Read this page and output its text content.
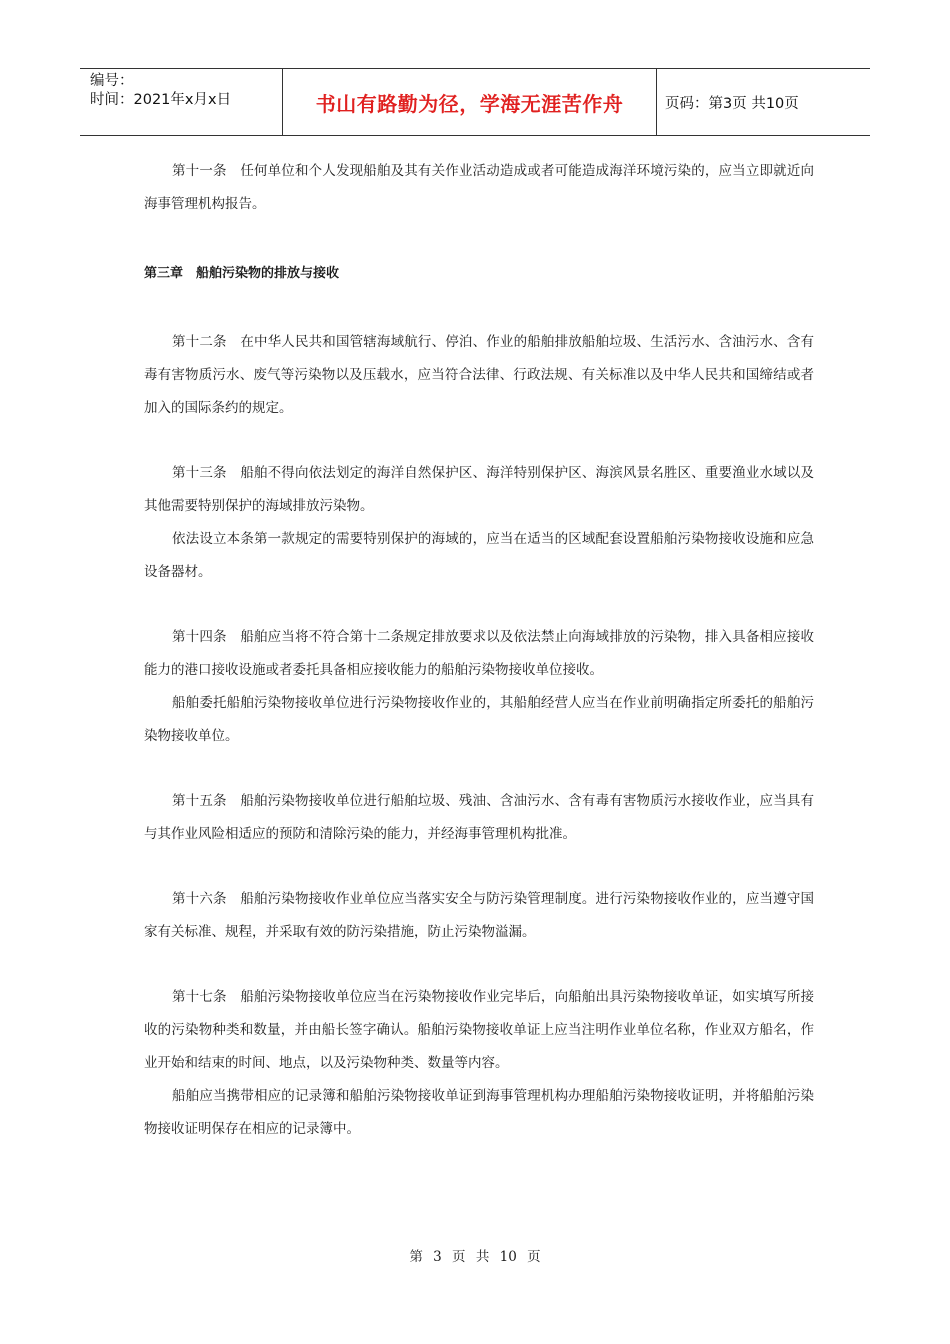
编号：
时间：2021年x月x日	书山有路勤为径，学海无涯苦作舟	页码：第3页 共10页

第十一条　任何单位和个人发现船舶及其有关作业活动造成或者可能造成海洋环境污染的，应当立即就近向海事管理机构报告。

第三章　船舶污染物的排放与接收

第十二条　在中华人民共和国管辖海域航行、停泊、作业的船舶排放船舶垃圾、生活污水、含油污水、含有毒有害物质污水、废气等污染物以及压载水，应当符合法律、行政法规、有关标准以及中华人民共和国缔结或者加入的国际条约的规定。

第十三条　船舶不得向依法划定的海洋自然保护区、海洋特别保护区、海滨风景名胜区、重要渔业水域以及其他需要特别保护的海域排放污染物。

依法设立本条第一款规定的需要特别保护的海域的，应当在适当的区域配套设置船舶污染物接收设施和应急设备器材。

第十四条　船舶应当将不符合第十二条规定排放要求以及依法禁止向海域排放的污染物，排入具备相应接收能力的港口接收设施或者委托具备相应接收能力的船舶污染物接收单位接收。

船舶委托船舶污染物接收单位进行污染物接收作业的，其船舶经营人应当在作业前明确指定所委托的船舶污染物接收单位。

第十五条　船舶污染物接收单位进行船舶垃圾、残油、含油污水、含有毒有害物质污水接收作业，应当具有与其作业风险相适应的预防和清除污染的能力，并经海事管理机构批准。

第十六条　船舶污染物接收作业单位应当落实安全与防污染管理制度。进行污染物接收作业的，应当遵守国家有关标准、规程，并采取有效的防污染措施，防止污染物溢漏。

第十七条　船舶污染物接收单位应当在污染物接收作业完毕后，向船舶出具污染物接收单证，如实填写所接收的污染物种类和数量，并由船长签字确认。船舶污染物接收单证上应当注明作业单位名称，作业双方船名，作业开始和结束的时间、地点，以及污染物种类、数量等内容。

船舶应当携带相应的记录簿和船舶污染物接收单证到海事管理机构办理船舶污染物接收证明，并将船舶污染物接收证明保存在相应的记录簿中。

第 3 页 共 10 页
